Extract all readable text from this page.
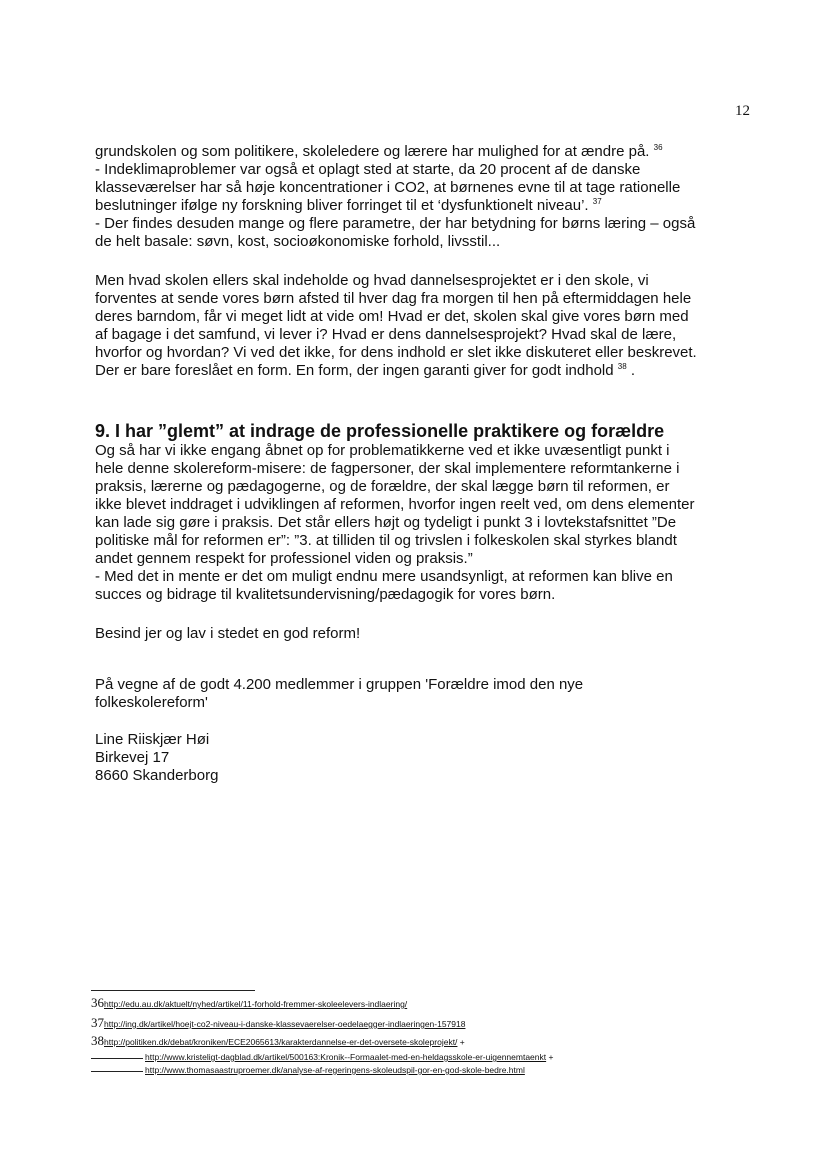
12
grundskolen og som politikere, skoleledere og lærere har mulighed for at ændre på. $^{36}$
- Indeklimaproblemer var også et oplagt sted at starte, da 20 procent af de danske
klasseværelser har så høje koncentrationer i CO2, at børnenes evne til at tage rationelle
beslutninger ifølge ny forskning bliver forringet til et ‘dysfunktionelt niveau’. $^{37}$
- Der findes desuden mange og flere parametre, der har betydning for børns læring – også
de helt basale: søvn, kost, socioøkonomiske forhold, livsstil...
Men hvad skolen ellers skal indeholde og hvad dannelsesprojektet er i den skole, vi
forventes at sende vores børn afsted til hver dag fra morgen til hen på eftermiddagen hele
deres barndom, får vi meget lidt at vide om! Hvad er det, skolen skal give vores børn med
af bagage i det samfund, vi lever i? Hvad er dens dannelsesprojekt? Hvad skal de lære,
hvorfor og hvordan? Vi ved det ikke, for dens indhold er slet ikke diskuteret eller beskrevet.
Der er bare foreslået en form. En form, der ingen garanti giver for godt indhold $^{38}$ .
9. I har ”glemt” at indrage de professionelle praktikere og forældre
Og så har vi ikke engang åbnet op for problematikkerne ved et ikke uvæsentligt punkt i
hele denne skolereform-misere: de fagpersoner, der skal implementere reformtankerne i
praksis, lærerne og pædagogerne, og de forældre, der skal lægge børn til reformen, er
ikke blevet inddraget i udviklingen af reformen, hvorfor ingen reelt ved, om dens elementer
kan lade sig gøre i praksis. Det står ellers højt og tydeligt i punkt 3 i lovtekstafsnittet ”De
politiske mål for reformen er”: ”3. at tilliden til og trivslen i folkeskolen skal styrkes blandt
andet gennem respekt for professionel viden og praksis.”
- Med det in mente er det om muligt endnu mere usandsynligt, at reformen kan blive en
succes og bidrage til kvalitetsundervisning/pædagogik for vores børn.
Besind jer og lav i stedet en god reform!
På vegne af de godt 4.200 medlemmer i gruppen 'Forældre imod den nye
folkeskolereform'
Line Riiskjær Høi
Birkevej 17
8660 Skanderborg
36http://edu.au.dk/aktuelt/nyhed/artikel/11-forhold-fremmer-skoleelevers-indlaering/
37http://ing.dk/artikel/hoejt-co2-niveau-i-danske-klassevaerelser-oedelaegger-indlaeringen-157918
38http://politiken.dk/debat/kroniken/ECE2065613/karakterdannelse-er-det-oversete-skoleprojekt/ +
http://www.kristeligt-dagblad.dk/artikel/500163:Kronik--Formaalet-med-en-heldagsskole-er-uigennemtaenkt +
http://www.thomasaastruproemer.dk/analyse-af-regeringens-skoleudspil-gor-en-god-skole-bedre.html
